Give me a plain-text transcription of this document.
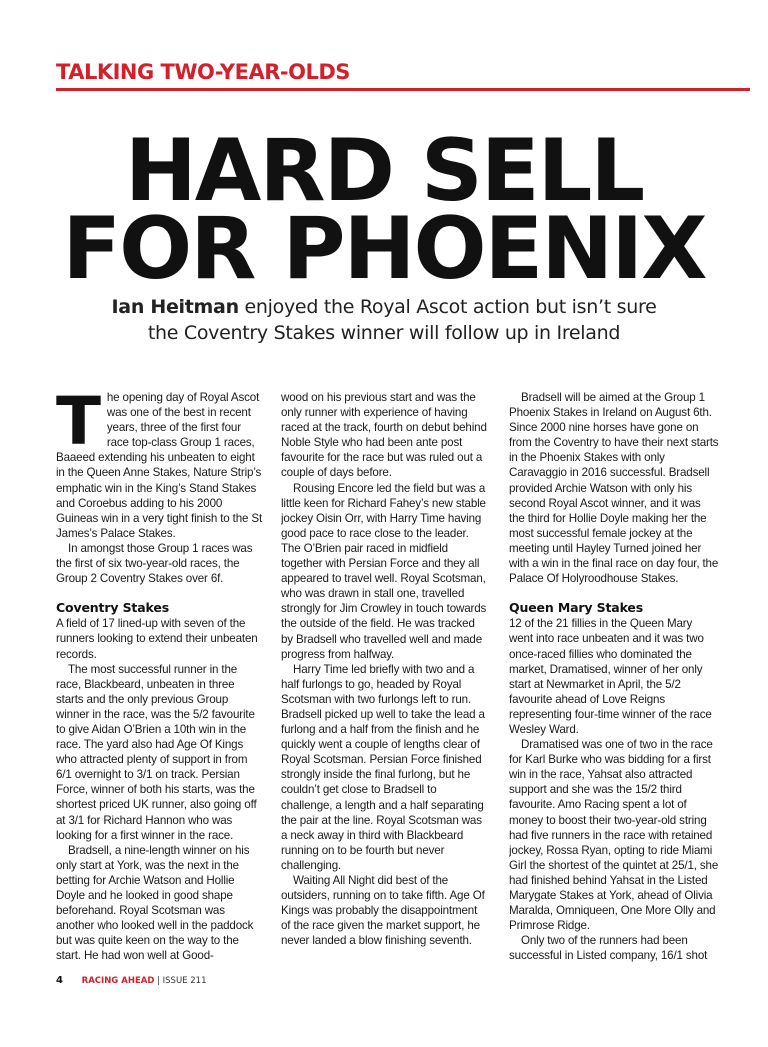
TALKING TWO-YEAR-OLDS
HARD SELL
FOR PHOENIX
Ian Heitman enjoyed the Royal Ascot action but isn’t sure the Coventry Stakes winner will follow up in Ireland

The opening day of Royal Ascot was one of the best in recent years, three of the first four race top-class Group 1 races, Baaeed extending his unbeaten to eight in the Queen Anne Stakes, Nature Strip’s emphatic win in the King’s Stand Stakes and Coroebus adding to his 2000 Guineas win in a very tight finish to the St James’s Palace Stakes.

In amongst those Group 1 races was the first of six two-year-old races, the Group 2 Coventry Stakes over 6f.

Coventry Stakes

A field of 17 lined-up with seven of the runners looking to extend their unbeaten records.

The most successful runner in the race, Blackbeard, unbeaten in three starts and the only previous Group winner in the race, was the 5/2 favourite to give Aidan O’Brien a 10th win in the race. The yard also had Age Of Kings who attracted plenty of support in from 6/1 overnight to 3/1 on track. Persian Force, winner of both his starts, was the shortest priced UK runner, also going off at 3/1 for Richard Hannon who was looking for a first winner in the race.

Bradsell, a nine-length winner on his only start at York, was the next in the betting for Archie Watson and Hollie Doyle and he looked in good shape beforehand. Royal Scotsman was another who looked well in the paddock but was quite keen on the way to the start. He had won well at Good-

wood on his previous start and was the only runner with experience of having raced at the track, fourth on debut behind Noble Style who had been ante post favourite for the race but was ruled out a couple of days before.

Rousing Encore led the field but was a little keen for Richard Fahey’s new stable jockey Oisin Orr, with Harry Time having good pace to race close to the leader. The O’Brien pair raced in midfield together with Persian Force and they all appeared to travel well. Royal Scotsman, who was drawn in stall one, travelled strongly for Jim Crowley in touch towards the outside of the field. He was tracked by Bradsell who travelled well and made progress from halfway.

Harry Time led briefly with two and a half furlongs to go, headed by Royal Scotsman with two furlongs left to run. Bradsell picked up well to take the lead a furlong and a half from the finish and he quickly went a couple of lengths clear of Royal Scotsman. Persian Force finished strongly inside the final furlong, but he couldn’t get close to Bradsell to challenge, a length and a half separating the pair at the line. Royal Scotsman was a neck away in third with Blackbeard running on to be fourth but never challenging.

Waiting All Night did best of the outsiders, running on to take fifth. Age Of Kings was probably the disappointment of the race given the market support, he never landed a blow finishing seventh.

Bradsell will be aimed at the Group 1 Phoenix Stakes in Ireland on August 6th. Since 2000 nine horses have gone on from the Coventry to have their next starts in the Phoenix Stakes with only Caravaggio in 2016 successful. Bradsell provided Archie Watson with only his second Royal Ascot winner, and it was the third for Hollie Doyle making her the most successful female jockey at the meeting until Hayley Turned joined her with a win in the final race on day four, the Palace Of Holyroodhouse Stakes.

Queen Mary Stakes

12 of the 21 fillies in the Queen Mary went into race unbeaten and it was two once-raced fillies who dominated the market, Dramatised, winner of her only start at Newmarket in April, the 5/2 favourite ahead of Love Reigns representing four-time winner of the race Wesley Ward.

Dramatised was one of two in the race for Karl Burke who was bidding for a first win in the race, Yahsat also attracted support and she was the 15/2 third favourite. Amo Racing spent a lot of money to boost their two-year-old string had five runners in the race with retained jockey, Rossa Ryan, opting to ride Miami Girl the shortest of the quintet at 25/1, she had finished behind Yahsat in the Listed Marygate Stakes at York, ahead of Olivia Maralda, Omniqueen, One More Olly and Primrose Ridge.

Only two of the runners had been successful in Listed company, 16/1 shot

4 RACING AHEAD | ISSUE 211
